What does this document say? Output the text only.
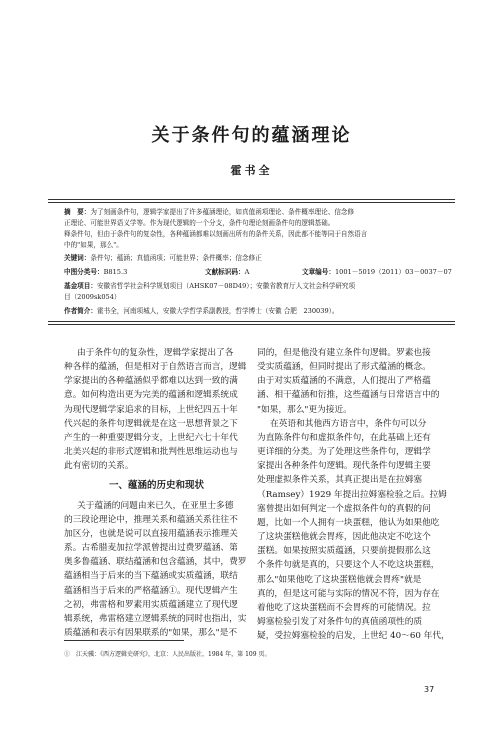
关于条件句的蕴涵理论
霍书全
摘　要：为了刻画条件句，逻辑学家提出了许多蕴涵理论，如真值函项理论、条件概率理论、信念修
正理论、可能世界语义学等。作为现代逻辑的一个分支，条件句理论刻画条件句的逻辑基础。
释条件句，但由于条件句的复杂性，各种蕴涵都难以刻画出所有的条件关系，因此都不能等同于自然语言
中的"如果，那么"。
关键词：条件句；蕴涵；真值函项；可能世界；条件概率；信念修正
中图分类号：B815.3	文献标识码：A	文章编号：1001－5019（2011）03－0037－07
基金项目：安徽省哲学社会科学规划项目（AHSK07－08D49）；安徽省教育厅人文社会科学研究项
目（2009sk054）
作者简介：霍书全，河南项城人，安徽大学哲学系副教授，哲学博士（安徽 合肥　230039）。

由于条件句的复杂性，逻辑学家提出了各

种各样的蕴涵，但是相对于自然语言而言，逻辑

学家提出的各种蕴涵似乎都难以达到一致的满

意。如何构造出更为完美的蕴涵和逻辑系统成

为现代逻辑学家追求的目标，上世纪四五十年

代兴起的条件句逻辑就是在这一思想背景之下

产生的一种重要逻辑分支，上世纪六七十年代

北美兴起的非形式逻辑和批判性思维运动也与

此有密切的关系。

一、蕴涵的历史和现状

关于蕴涵的问题由来已久，在亚里士多德

的三段论理论中，推理关系和蕴涵关系往往不

加区分，也就是说可以直接用蕴涵表示推理关

系。古希腊麦加拉学派曾提出过费罗蕴涵、第

奥多鲁蕴涵、联结蕴涵和包含蕴涵，其中，费罗

蕴涵相当于后来的当下蕴涵或实质蕴涵，联结

蕴涵相当于后来的严格蕴涵①。现代逻辑产生

之初，弗雷格和罗素用实质蕴涵建立了现代逻

辑系统，弗雷格建立逻辑系统的同时也指出，实

质蕴涵和表示有因果联系的"如果，那么"是不

同的，但是他没有建立条件句逻辑。罗素也接

受实质蕴涵，但同时提出了形式蕴涵的概念。

由于对实质蕴涵的不满意，人们提出了严格蕴

涵、相干蕴涵和衍推，这些蕴涵与日常语言中的

"如果，那么"更为接近。

在英语和其他西方语言中，条件句可以分

为直陈条件句和虚拟条件句，在此基础上还有

更详细的分类。为了处理这些条件句，逻辑学

家提出各种条件句逻辑。现代条件句逻辑主要

处理虚拟条件关系，其真正提出是在拉姆塞

（Ramsey）1929 年提出拉姆塞检验之后。拉姆

塞曾提出如何判定一个虚拟条件句的真假的问

题，比如一个人拥有一块蛋糕，他认为如果他吃

了这块蛋糕他就会胃疼，因此他决定不吃这个

蛋糕。如果按照实质蕴涵，只要前提假那么这

个条件句就是真的，只要这个人不吃这块蛋糕，

那么"如果他吃了这块蛋糕他就会胃疼"就是

真的，但是这可能与实际的情况不符，因为存在

着他吃了这块蛋糕而不会胃疼的可能情况。拉

姆塞检验引发了对条件句的真值函项性的质

疑，受拉姆塞检验的启发，上世纪 40～60 年代，

①　江天骥：《西方逻辑史研究》，北京：人民出版社，1984 年，第 109 页。
37
